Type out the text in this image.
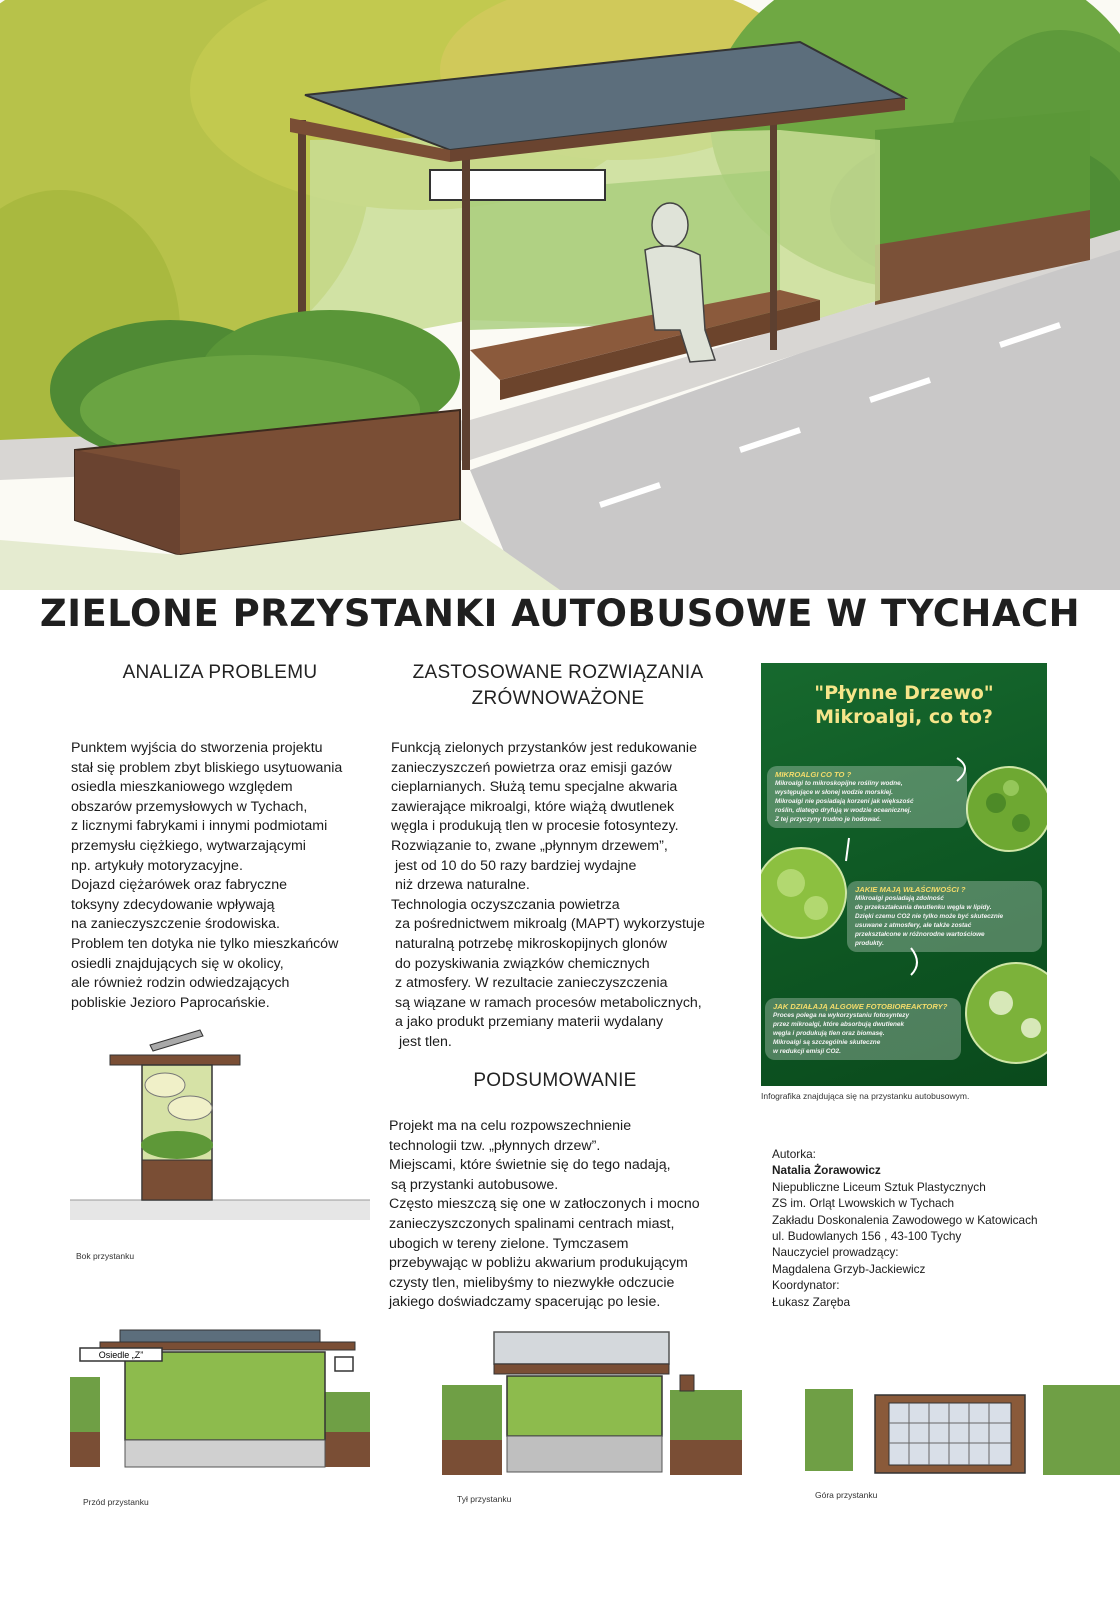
ZIELONE PRZYSTANKI AUTOBUSOWE W TYCHACH
ANALIZA PROBLEMU

Punktem wyjścia do stworzenia projektu

stał się problem zbyt bliskiego usytuowania

osiedla mieszkaniowego względem

obszarów przemysłowych w Tychach,

z licznymi fabrykami i innymi podmiotami

przemysłu ciężkiego, wytwarzającymi

np. artykuły motoryzacyjne.

Dojazd ciężarówek oraz fabryczne

toksyny zdecydowanie wpływają

na zanieczyszczenie środowiska.

Problem ten dotyka nie tylko mieszkańców

osiedli znajdujących się w okolicy,

ale również rodzin odwiedzających

pobliskie Jezioro Paprocańskie.

ZASTOSOWANE ROZWIĄZANIA
ZRÓWNOWAŻONE

Funkcją zielonych przystanków jest redukowanie

zanieczyszczeń powietrza oraz emisji gazów

cieplarnianych. Służą temu specjalne akwaria

zawierające mikroalgi, które wiążą dwutlenek

węgla i produkują tlen w procesie fotosyntezy.

Rozwiązanie to, zwane „płynnym drzewem”,

jest od 10 do 50 razy bardziej wydajne

niż drzewa naturalne.

Technologia oczyszczania powietrza

za pośrednictwem mikroalg (MAPT) wykorzystuje

naturalną potrzebę mikroskopijnych glonów

do pozyskiwania związków chemicznych

z atmosfery. W rezultacie zanieczyszczenia

są wiązane w ramach procesów metabolicznych,

a jako produkt przemiany materii wydalany

jest tlen.

PODSUMOWANIE

Projekt ma na celu rozpowszechnienie

technologii tzw. „płynnych drzew”.

Miejscami, które świetnie się do tego nadają,

są przystanki autobusowe.

Często mieszczą się one w zatłoczonych i mocno

zanieczyszczonych spalinami centrach miast,

ubogich w tereny zielone. Tymczasem

przebywając w pobliżu akwarium produkującym

czysty tlen, mielibyśmy to niezwykłe odczucie

jakiego doświadczamy spacerując po lesie.

"Płynne Drzewo"
Mikroalgi, co to?
MIKROALGI CO TO ?
Mikroalgi to mikroskopijne rośliny wodne,
występujące w słonej wodzie morskiej.
Mikroalgi nie posiadają korzeni jak większość
roślin, dlatego dryfują w wodzie oceanicznej.
Z tej przyczyny trudno je hodować.
JAKIE MAJĄ WŁAŚCIWOŚCI ?
Mikroalgi posiadają zdolność
do przekształcania dwutlenku węgla w lipidy.
Dzięki czemu CO2 nie tylko może być skutecznie
usuwane z atmosfery, ale także zostać
przekształcone w różnorodne wartościowe
produkty.
JAK DZIAŁAJĄ ALGOWE FOTOBIOREAKTORY?
Proces polega na wykorzystaniu fotosyntezy
przez mikroalgi, które absorbują dwutlenek
węgla i produkują tlen oraz biomasę.
Mikroalgi są szczególnie skuteczne
w redukcji emisji CO2.
Infografika znajdująca się na przystanku autobusowym.
Autorka:
Natalia Żorawowicz
Niepubliczne Liceum Sztuk Plastycznych
ZS im. Orląt Lwowskich w Tychach
Zakładu Doskonalenia Zawodowego w Katowicach
ul. Budowlanych 156 , 43-100 Tychy
Nauczyciel prowadzący:
Magdalena Grzyb-Jackiewicz
Koordynator:
Łukasz Zaręba
Bok przystanku
Osiedle „Z”
Przód przystanku	Tył przystanku	Góra przystanku
